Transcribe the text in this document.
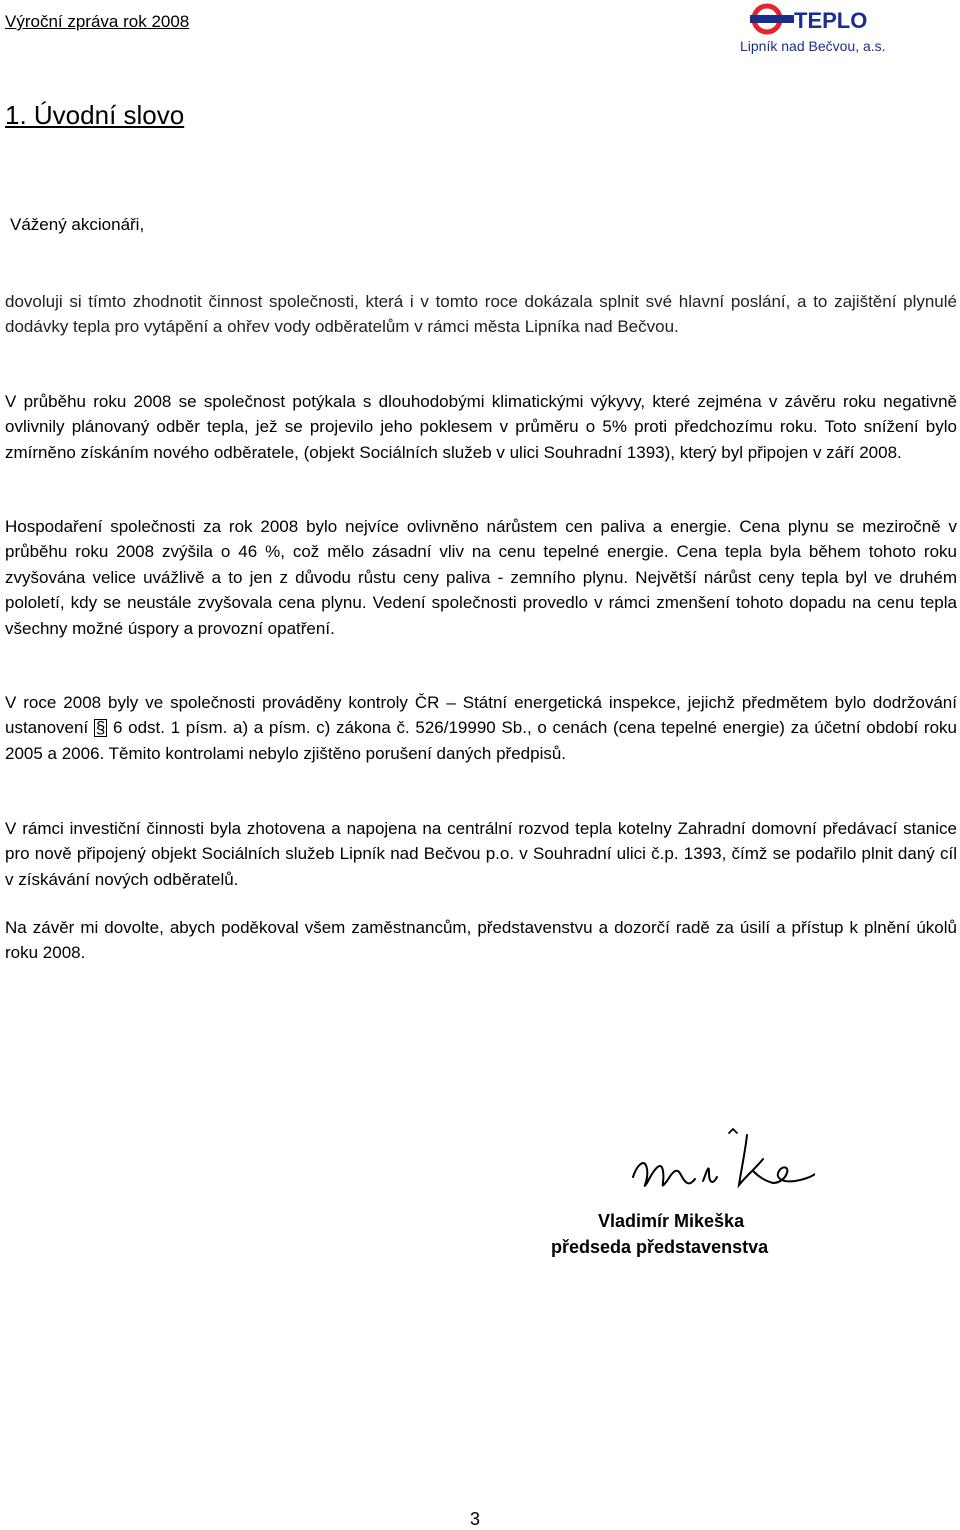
Výroční zpráva rok 2008	TEPLO
Lipník nad Bečvou, a.s.
1. Úvodní slovo

Vážený akcionáři,

dovoluji si tímto zhodnotit činnost společnosti, která i v tomto roce dokázala splnit své hlavní poslání, a to zajištění plynulé dodávky tepla pro vytápění a ohřev vody odběratelům v rámci města Lipníka nad Bečvou.

V průběhu roku 2008 se společnost potýkala s dlouhodobými klimatickými výkyvy, které zejména v závěru roku negativně ovlivnily plánovaný odběr tepla, jež se projevilo jeho poklesem v průměru o 5% proti předchozímu roku. Toto snížení bylo zmírněno získáním nového odběratele, (objekt Sociálních služeb v ulici Souhradní 1393), který byl připojen v září 2008.

Hospodaření společnosti za rok 2008 bylo nejvíce ovlivněno nárůstem cen paliva a energie. Cena plynu se meziročně v průběhu roku 2008 zvýšila o 46 %, což mělo zásadní vliv na cenu tepelné energie. Cena tepla byla během tohoto roku zvyšována velice uvážlivě a to jen z důvodu růstu ceny paliva - zemního plynu. Největší nárůst ceny tepla byl ve druhém pololetí, kdy se neustále zvyšovala cena plynu. Vedení společnosti provedlo v rámci zmenšení tohoto dopadu na cenu tepla všechny možné úspory a provozní opatření.

V roce 2008 byly ve společnosti prováděny kontroly ČR – Státní energetická inspekce, jejichž předmětem bylo dodržování ustanovení § 6 odst. 1 písm. a) a písm. c) zákona č. 526/19990 Sb., o cenách (cena tepelné energie) za účetní období roku 2005 a 2006. Těmito kontrolami nebylo zjištěno porušení daných předpisů.

V rámci investiční činnosti byla zhotovena a napojena na centrální rozvod tepla kotelny Zahradní domovní předávací stanice pro nově připojený objekt Sociálních služeb Lipník nad Bečvou p.o. v Souhradní ulici č.p. 1393, čímž se podařilo plnit daný cíl v získávání nových odběratelů.

Na závěr mi dovolte, abych poděkoval všem zaměstnancům, představenstvu a dozorčí radě za úsilí a přístup k plnění úkolů roku 2008.

Vladimír Mikeška
předseda představenstva
3
